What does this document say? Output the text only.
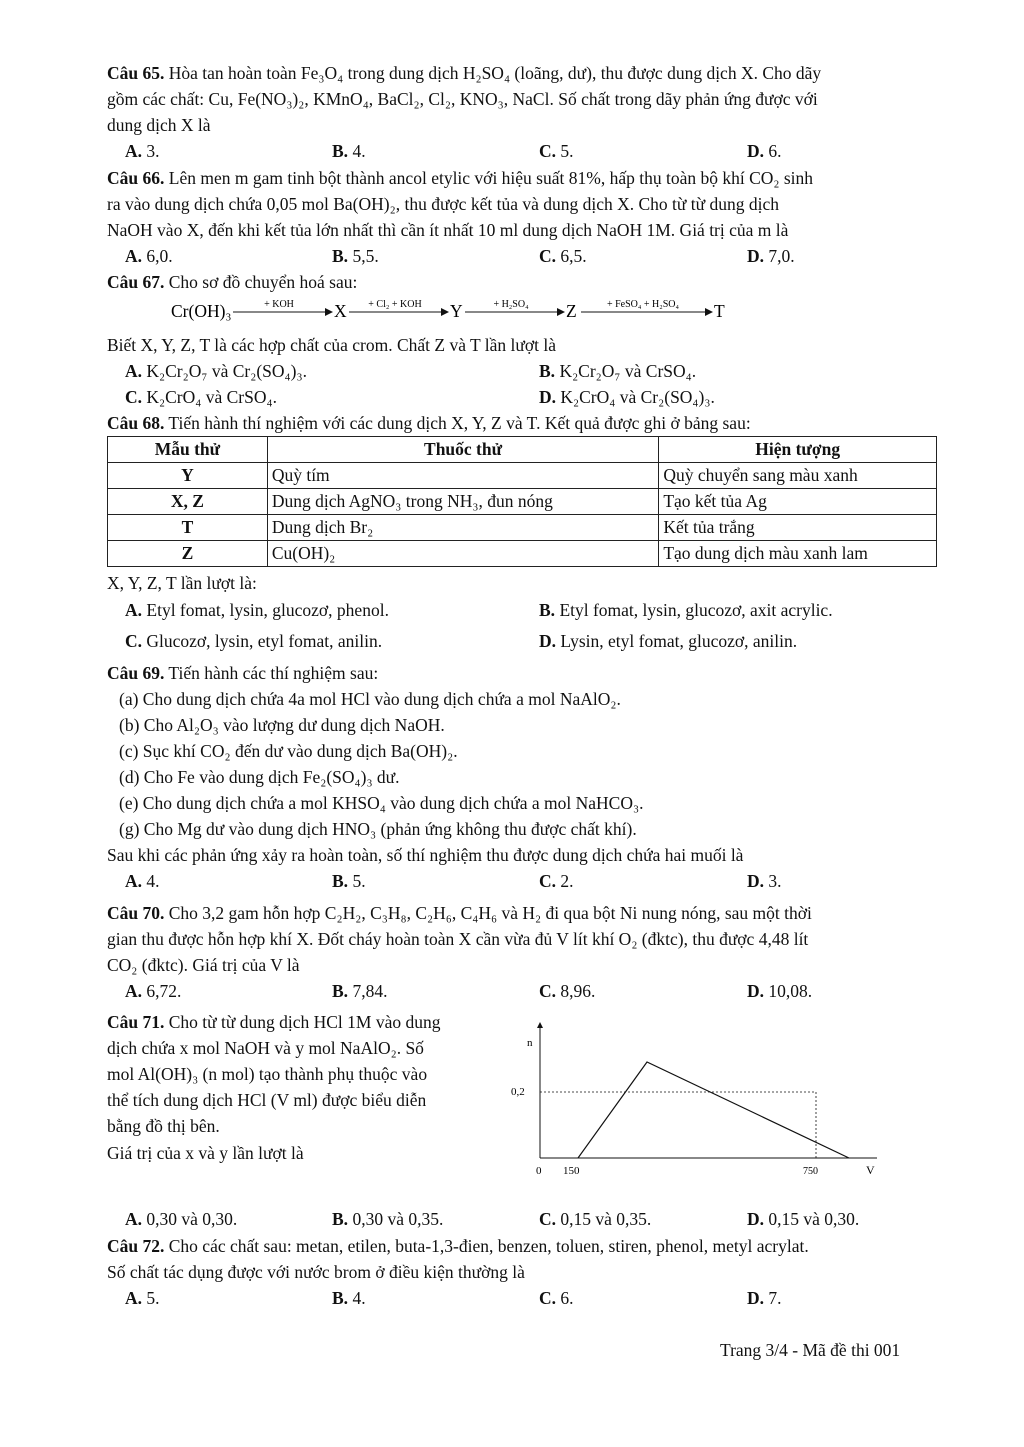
Câu 65. Hòa tan hoàn toàn Fe₃O₄ trong dung dịch H₂SO₄ (loãng, dư), thu được dung dịch X. Cho dãy
gồm các chất: Cu, Fe(NO₃)₂, KMnO₄, BaCl₂, Cl₂, KNO₃, NaCl. Số chất trong dãy phản ứng được với
dung dịch X là
A. 3.	B. 4.	C. 5.	D. 6.
Câu 66. Lên men m gam tinh bột thành ancol etylic với hiệu suất 81%, hấp thụ toàn bộ khí CO₂ sinh
ra vào dung dịch chứa 0,05 mol Ba(OH)₂, thu được kết tủa và dung dịch X. Cho từ từ dung dịch
NaOH vào X, đến khi kết tủa lớn nhất thì cần ít nhất 10 ml dung dịch NaOH 1M. Giá trị của m là
A. 6,0.	B. 5,5.	C. 6,5.	D. 7,0.
Câu 67. Cho sơ đồ chuyển hoá sau:
Cr(OH)₃	+ KOH X + Cl₂ + KOH Y	+ H₂SO₄ Z	+ FeSO₄ + H₂SO₄ T
Biết X, Y, Z, T là các hợp chất của crom. Chất Z và T lần lượt là
A. K₂Cr₂O₇ và Cr₂(SO₄)₃.	B. K₂Cr₂O₇ và CrSO₄.
C. K₂CrO₄ và CrSO₄.	D. K₂CrO₄ và Cr₂(SO₄)₃.
Câu 68. Tiến hành thí nghiệm với các dung dịch X, Y, Z và T. Kết quả được ghi ở bảng sau:
Mẫu thử	Thuốc thử	Hiện tượng
Y	Quỳ tím	Quỳ chuyển sang màu xanh
X, Z	Dung dịch AgNO₃ trong NH₃, đun nóng	Tạo kết tủa Ag
T	Dung dịch Br₂	Kết tủa trắng
Z	Cu(OH)₂	Tạo dung dịch màu xanh lam
X, Y, Z, T lần lượt là:
A. Etyl fomat, lysin, glucozơ, phenol.	B. Etyl fomat, lysin, glucozơ, axit acrylic.
C. Glucozơ, lysin, etyl fomat, anilin.	D. Lysin, etyl fomat, glucozơ, anilin.
Câu 69. Tiến hành các thí nghiệm sau:
(a) Cho dung dịch chứa 4a mol HCl vào dung dịch chứa a mol NaAlO₂.
(b) Cho Al₂O₃ vào lượng dư dung dịch NaOH.
(c) Sục khí CO₂ đến dư vào dung dịch Ba(OH)₂.
(d) Cho Fe vào dung dịch Fe₂(SO₄)₃ dư.
(e) Cho dung dịch chứa a mol KHSO₄ vào dung dịch chứa a mol NaHCO₃.
(g) Cho Mg dư vào dung dịch HNO₃ (phản ứng không thu được chất khí).
Sau khi các phản ứng xảy ra hoàn toàn, số thí nghiệm thu được dung dịch chứa hai muối là
A. 4.	B. 5.	C. 2.	D. 3.
Câu 70. Cho 3,2 gam hỗn hợp C₂H₂, C₃H₈, C₂H₆, C₄H₆ và H₂ đi qua bột Ni nung nóng, sau một thời
gian thu được hỗn hợp khí X. Đốt cháy hoàn toàn X cần vừa đủ V lít khí O₂ (đktc), thu được 4,48 lít
CO₂ (đktc). Giá trị của V là
A. 6,72.	B. 7,84.	C. 8,96.	D. 10,08.
Câu 71. Cho từ từ dung dịch HCl 1M vào dung
dịch chứa x mol NaOH và y mol NaAlO₂. Số
mol Al(OH)₃ (n mol) tạo thành phụ thuộc vào
thể tích dung dịch HCl (V ml) được biểu diễn
bằng đồ thị bên.
Giá trị của x và y lần lượt là
n
V
0
0,2
150	750
A. 0,30 và 0,30.	B. 0,30 và 0,35.	C. 0,15 và 0,35.	D. 0,15 và 0,30.
Câu 72. Cho các chất sau: metan, etilen, buta-1,3-đien, benzen, toluen, stiren, phenol, metyl acrylat.
Số chất tác dụng được với nước brom ở điều kiện thường là
A. 5.	B. 4.	C. 6.	D. 7.
Trang 3/4 - Mã đề thi 001
